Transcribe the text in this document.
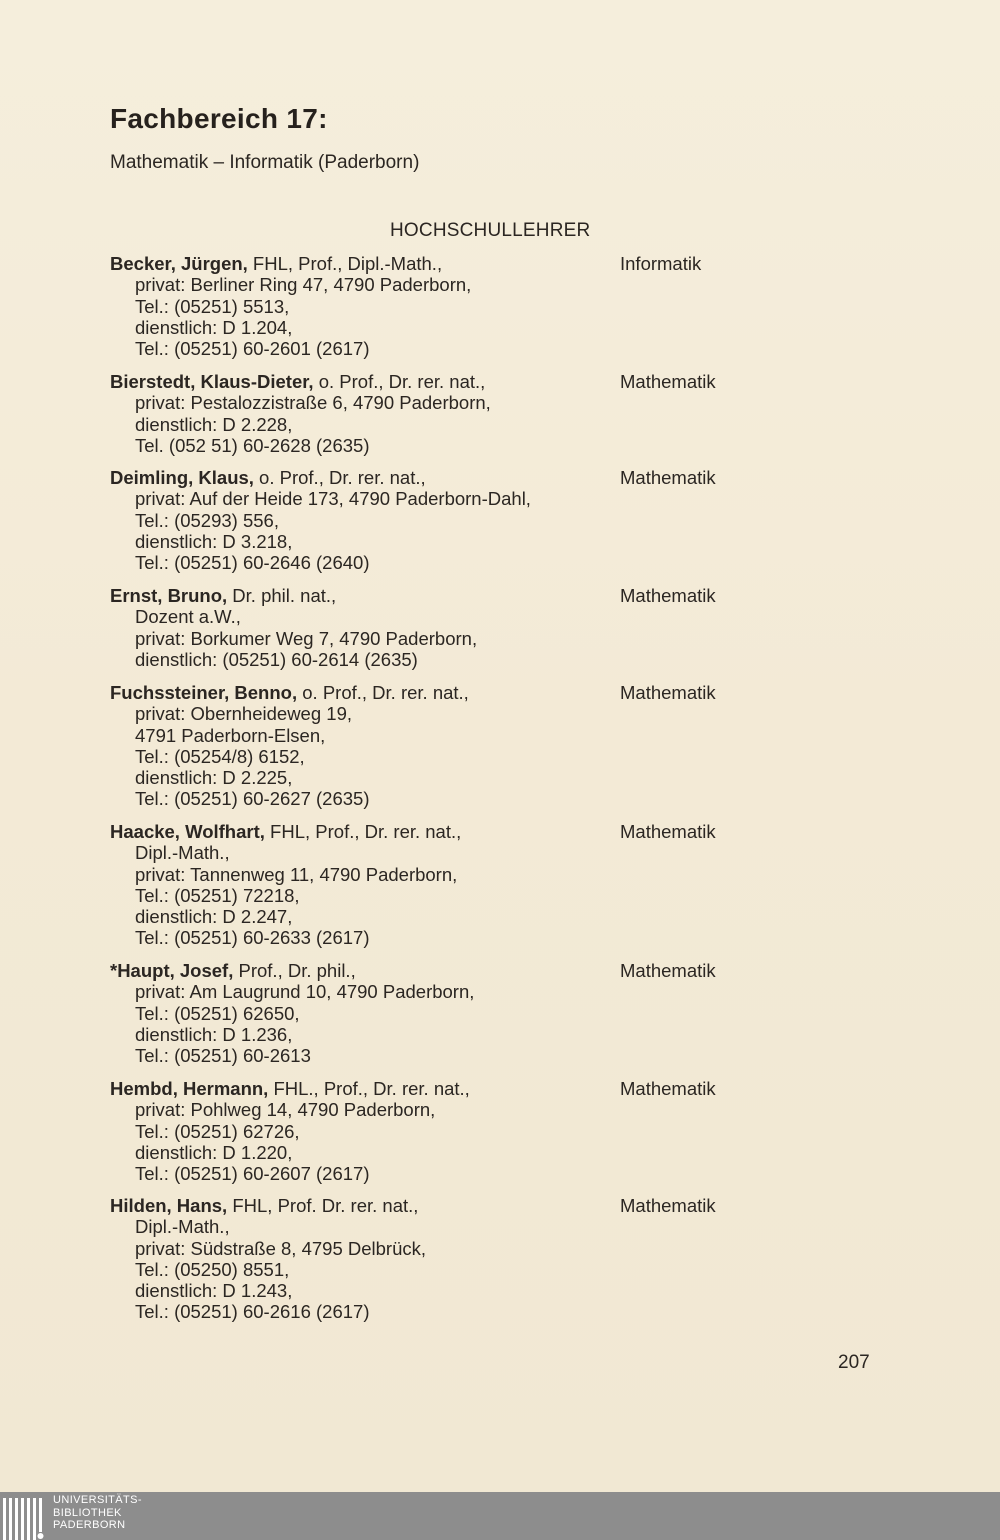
Fachbereich 17:
Mathematik – Informatik (Paderborn)
HOCHSCHULLEHRER
Becker, Jürgen, FHL, Prof., Dipl.-Math.,	Informatik
privat: Berliner Ring 47, 4790 Paderborn,
Tel.: (05251) 5513,
dienstlich: D 1.204,
Tel.: (05251) 60-2601 (2617)
Bierstedt, Klaus-Dieter, o. Prof., Dr. rer. nat.,	Mathematik
privat: Pestalozzistraße 6, 4790 Paderborn,
dienstlich: D 2.228,
Tel. (052 51) 60-2628 (2635)
Deimling, Klaus, o. Prof., Dr. rer. nat.,	Mathematik
privat: Auf der Heide 173, 4790 Paderborn-Dahl,
Tel.: (05293) 556,
dienstlich: D 3.218,
Tel.: (05251) 60-2646 (2640)
Ernst, Bruno, Dr. phil. nat.,	Mathematik
Dozent a.W.,
privat: Borkumer Weg 7, 4790 Paderborn,
dienstlich: (05251) 60-2614 (2635)
Fuchssteiner, Benno, o. Prof., Dr. rer. nat.,	Mathematik
privat: Obernheideweg 19,
4791 Paderborn-Elsen,
Tel.: (05254/8) 6152,
dienstlich: D 2.225,
Tel.: (05251) 60-2627 (2635)
Haacke, Wolfhart, FHL, Prof., Dr. rer. nat.,	Mathematik
Dipl.-Math.,
privat: Tannenweg 11, 4790 Paderborn,
Tel.: (05251) 72218,
dienstlich: D 2.247,
Tel.: (05251) 60-2633 (2617)
*Haupt, Josef, Prof., Dr. phil.,	Mathematik
privat: Am Laugrund 10, 4790 Paderborn,
Tel.: (05251) 62650,
dienstlich: D 1.236,
Tel.: (05251) 60-2613
Hembd, Hermann, FHL., Prof., Dr. rer. nat.,	Mathematik
privat: Pohlweg 14, 4790 Paderborn,
Tel.: (05251) 62726,
dienstlich: D 1.220,
Tel.: (05251) 60-2607 (2617)
Hilden, Hans, FHL, Prof. Dr. rer. nat.,	Mathematik
Dipl.-Math.,
privat: Südstraße 8, 4795 Delbrück,
Tel.: (05250) 8551,
dienstlich: D 1.243,
Tel.: (05251) 60-2616 (2617)
207
UNIVERSITÄTS-
BIBLIOTHEK
PADERBORN
